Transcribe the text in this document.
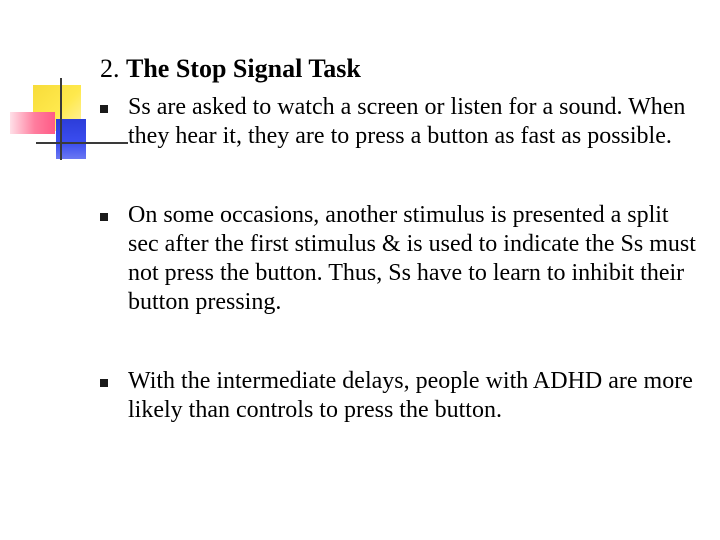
2. The Stop Signal Task
Ss are asked to watch a screen or listen for a sound. When they hear it, they are to press a button as fast as possible.
On some occasions, another stimulus is presented a split sec after the first stimulus & is used to indicate the Ss must not press the button. Thus, Ss have to learn to inhibit their button pressing.
With the intermediate delays, people with ADHD are more likely than controls to press the button.
